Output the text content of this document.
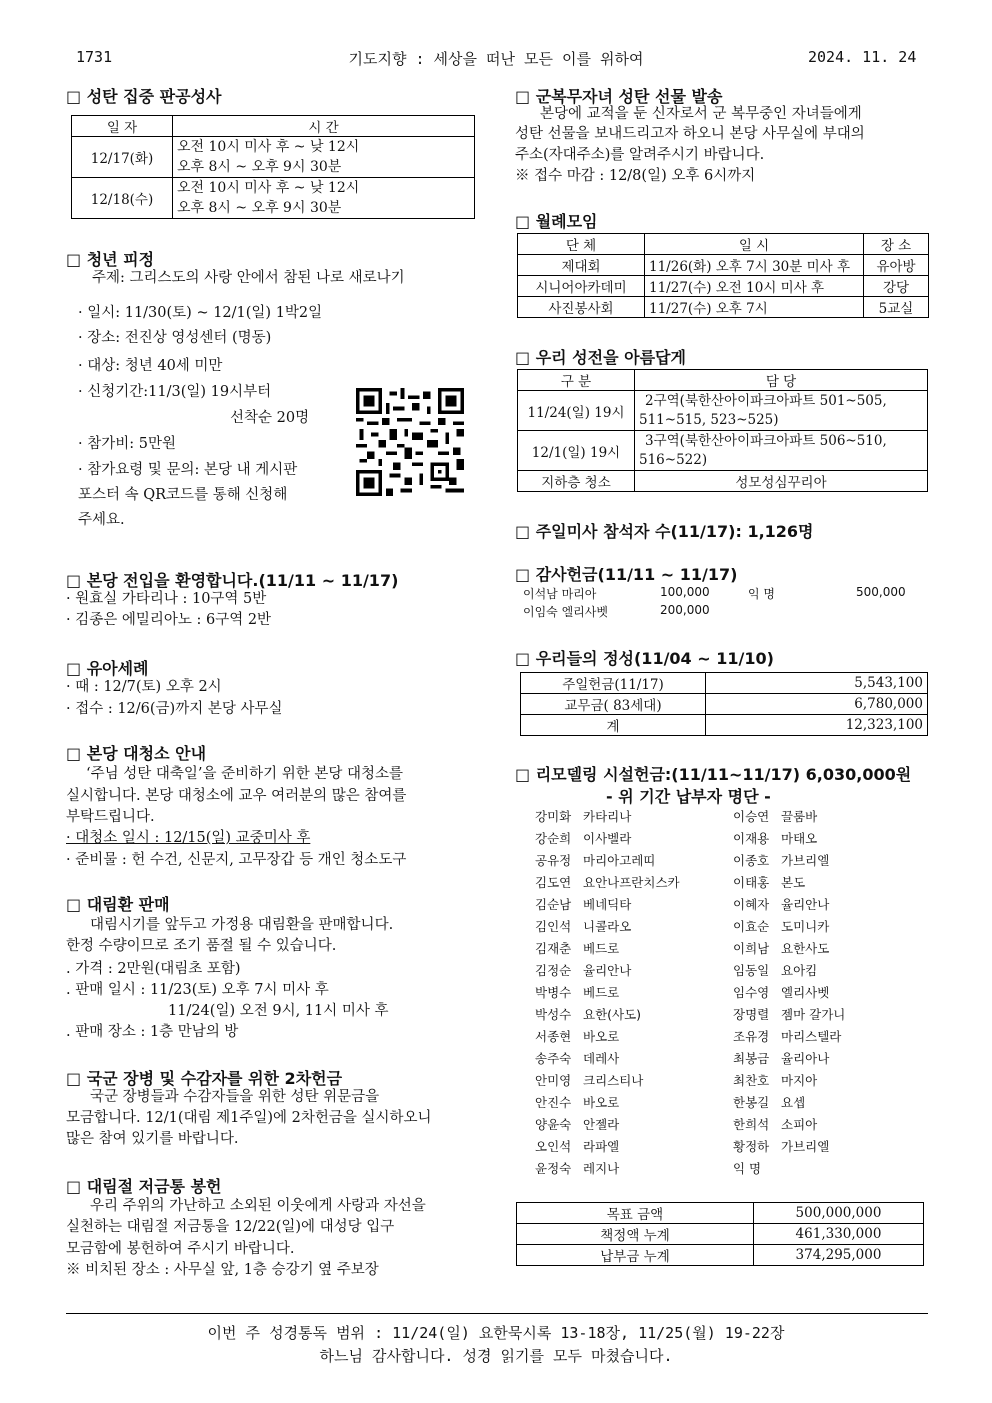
1731	기도지향 : 세상을 떠난 모든 이를 위하여	2024. 11. 24
□ 성탄 집중 판공성사
일 자	시 간
12/17(화)	오전 10시 미사 후 ~ 낮 12시
오후 8시 ~ 오후 9시 30분

12/18(수)	오전 10시 미사 후 ~ 낮 12시
오후 8시 ~ 오후 9시 30분
□ 청년 피정
주제: 그리스도의 사랑 안에서 참된 나로 새로나기
· 일시: 11/30(토) ~ 12/1(일) 1박2일
· 장소: 전진상 영성센터 (명동)
· 대상: 청년 40세 미만
· 신청기간:11/3(일) 19시부터
선착순 20명
· 참가비: 5만원
· 참가요령 및 문의: 본당 내 게시판
포스터 속 QR코드를 통해 신청해
주세요.
□ 본당 전입을 환영합니다.(11/11 ~ 11/17)
· 원효실 가타리나 : 10구역 5반
· 김종은 에밀리아노 : 6구역 2반
□ 유아세례
· 때 : 12/7(토) 오후 2시
· 접수 : 12/6(금)까지 본당 사무실
□ 본당 대청소 안내
‘주님 성탄 대축일’을 준비하기 위한 본당 대청소를
실시합니다. 본당 대청소에 교우 여러분의 많은 참여를
부탁드립니다.
· 대청소 일시 : 12/15(일) 교중미사 후
· 준비물 : 헌 수건, 신문지, 고무장갑 등 개인 청소도구
□ 대림환 판매
대림시기를 앞두고 가정용 대림환을 판매합니다.
한정 수량이므로 조기 품절 될 수 있습니다.
. 가격 : 2만원(대림초 포함)
. 판매 일시 : 11/23(토) 오후 7시 미사 후
11/24(일) 오전 9시, 11시 미사 후
. 판매 장소 : 1층 만남의 방
□ 국군 장병 및 수감자를 위한 2차헌금
국군 장병들과 수감자들을 위한 성탄 위문금을
모금합니다. 12/1(대림 제1주일)에 2차헌금을 실시하오니
많은 참여 있기를 바랍니다.
□ 대림절 저금통 봉헌
우리 주위의 가난하고 소외된 이웃에게 사랑과 자선을
실천하는 대림절 저금통을 12/22(일)에 대성당 입구
모금함에 봉헌하여 주시기 바랍니다.
※ 비치된 장소 : 사무실 앞, 1층 승강기 옆 주보장
□ 군복무자녀 성탄 선물 발송
본당에 교적을 둔 신자로서 군 복무중인 자녀들에게
성탄 선물을 보내드리고자 하오니 본당 사무실에 부대의
주소(자대주소)를 알려주시기 바랍니다.
※ 접수 마감 : 12/8(일) 오후 6시까지
□ 월례모임
단 체	일 시	장 소
제대회	11/26(화) 오후 7시 30분 미사 후	유아방
시니어아카데미	11/27(수) 오전 10시 미사 후	강당
사진봉사회	11/27(수) 오후 7시	5교실
□ 우리 성전을 아름답게
구 분	담 당
11/24(일) 19시	2구역(북한산아이파크아파트 501~505,
511~515, 523~525)

12/1(일) 19시	3구역(북한산아이파크아파트 506~510,
516~522)

지하층 청소	성모성심꾸리아
□ 주일미사 참석자 수(11/17): 1,126명
□ 감사헌금(11/11 ~ 11/17)
이석남 마리아	100,000	익 명	500,000
이임숙 엘리사벳	200,000
□ 우리들의 정성(11/04 ~ 11/10)
주일헌금(11/17)	5,543,100
교무금( 83세대)	6,780,000
계	12,323,100
□ 리모델링 시설헌금:(11/11~11/17) 6,030,000원
- 위 기간 납부자 명단 -
강미화 카타리나	이승연 끌룸바
강순희 이사벨라	이재용 마태오
공유정 마리아고레띠	이종호 가브리엘
김도연 요안나프란치스카	이태홍 본도
김순남 베네딕타	이혜자 율리안나
김인석 니콜라오	이효순 도미니카
김재춘 베드로	이희남 요한사도
김정순 율리안나	임동일 요아킴
박병수 베드로	임수영 엘리사벳
박성수 요한(사도)	장명렬 젬마 갈가니
서종현 바오로	조유경 마리스텔라
송주숙 데레사	최봉금 율리아나
안미영 크리스티나	최찬호 마지아
안진수 바오로	한봉길 요셉
양윤숙 안젤라	한희석 소피아
오인석 라파엘	황정하 가브리엘
윤정숙 레지나	익 명
목표 금액	500,000,000
책정액 누계	461,330,000
납부금 누계	374,295,000
이번 주 성경통독 범위 : 11/24(일) 요한묵시록 13-18장, 11/25(월) 19-22장
하느님 감사합니다. 성경 읽기를 모두 마쳤습니다.
